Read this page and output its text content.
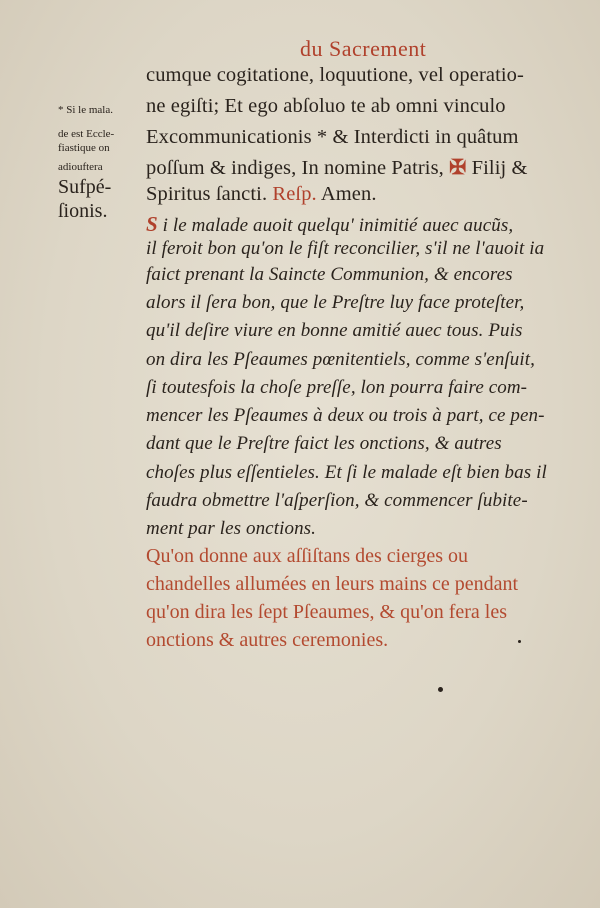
du Sacrement
* Si le mala.
de est Eccle-
fiastique on
adiouftera
Sufpé-
ſionis.
cumque cogitatione, loquutione, vel operatio-
ne egiſti; Et ego abſoluo te ab omni vinculo
Excommunicationis * & Interdicti in quâtum
poſſum & indiges, In nomine Patris, ✠ Filij &
Spiritus ſancti. Reſp. Amen.
S i le malade auoit quelqu' inimitié auec aucũs,
il feroit bon qu'on le fiſt reconcilier, s'il ne l'auoit ia
faict prenant la Saincte Communion, & encores
alors il ſera bon, que le Preſtre luy face proteſter,
qu'il deſire viure en bonne amitié auec tous. Puis
on dira les Pſeaumes pœnitentiels, comme s'enſuit,
ſi toutesfois la choſe preſſe, lon pourra faire com-
mencer les Pſeaumes à deux ou trois à part, ce pen-
dant que le Preſtre faict les onctions, & autres
choſes plus eſſentieles. Et ſi le malade eſt bien bas il
faudra obmettre l'aſperſion, & commencer ſubite-
ment par les onctions.
Qu'on donne aux aſſiſtans des cierges ou
chandelles allumées en leurs mains ce pendant
qu'on dira les ſept Pſeaumes, & qu'on fera les
onctions & autres ceremonies.
